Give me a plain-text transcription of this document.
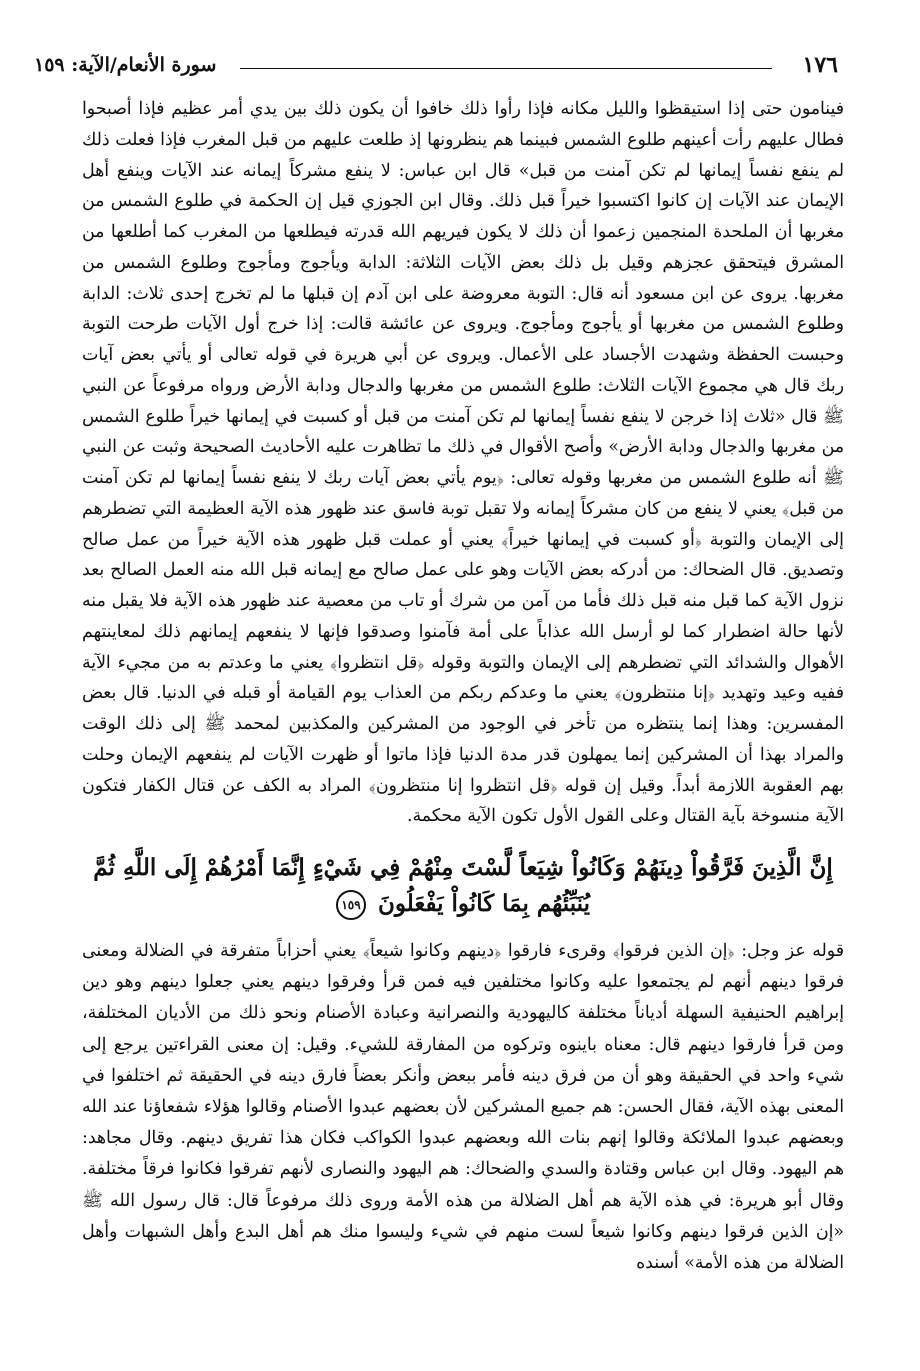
١٧٦
سورة الأنعام/الآية: ١٥٩

فينامون حتى إذا استيقظوا والليل مكانه فإذا رأوا ذلك خافوا أن يكون ذلك بين يدي أمر عظيم فإذا أصبحوا فطال عليهم رأت أعينهم طلوع الشمس فبينما هم ينظرونها إذ طلعت عليهم من قبل المغرب فإذا فعلت ذلك لم ينفع نفساً إيمانها لم تكن آمنت من قبل» قال ابن عباس: لا ينفع مشركاً إيمانه عند الآيات وينفع أهل الإيمان عند الآيات إن كانوا اكتسبوا خيراً قبل ذلك. وقال ابن الجوزي قيل إن الحكمة في طلوع الشمس من مغربها أن الملحدة المنجمين زعموا أن ذلك لا يكون فيريهم الله قدرته فيطلعها من المغرب كما أطلعها من المشرق فيتحقق عجزهم وقيل بل ذلك بعض الآيات الثلاثة: الدابة ويأجوج ومأجوج وطلوع الشمس من مغربها. يروى عن ابن مسعود أنه قال: التوبة معروضة على ابن آدم إن قبلها ما لم تخرج إحدى ثلاث: الدابة وطلوع الشمس من مغربها أو يأجوج ومأجوج. ويروى عن عائشة قالت: إذا خرج أول الآيات طرحت التوبة وحبست الحفظة وشهدت الأجساد على الأعمال. ويروى عن أبي هريرة في قوله تعالى أو يأتي بعض آيات ربك قال هي مجموع الآيات الثلاث: طلوع الشمس من مغربها والدجال ودابة الأرض ورواه مرفوعاً عن النبي ﷺ قال «ثلاث إذا خرجن لا ينفع نفساً إيمانها لم تكن آمنت من قبل أو كسبت في إيمانها خيراً طلوع الشمس من مغربها والدجال ودابة الأرض» وأصح الأقوال في ذلك ما تظاهرت عليه الأحاديث الصحيحة وثبت عن النبي ﷺ أنه طلوع الشمس من مغربها وقوله تعالى: ﴿يوم يأتي بعض آيات ربك لا ينفع نفساً إيمانها لم تكن آمنت من قبل﴾ يعني لا ينفع من كان مشركاً إيمانه ولا تقبل توبة فاسق عند ظهور هذه الآية العظيمة التي تضطرهم إلى الإيمان والتوبة ﴿أو كسبت في إيمانها خيراً﴾ يعني أو عملت قبل ظهور هذه الآية خيراً من عمل صالح وتصديق. قال الضحاك: من أدركه بعض الآيات وهو على عمل صالح مع إيمانه قبل الله منه العمل الصالح بعد نزول الآية كما قبل منه قبل ذلك فأما من آمن من شرك أو تاب من معصية عند ظهور هذه الآية فلا يقبل منه لأنها حالة اضطرار كما لو أرسل الله عذاباً على أمة فآمنوا وصدقوا فإنها لا ينفعهم إيمانهم ذلك لمعاينتهم الأهوال والشدائد التي تضطرهم إلى الإيمان والتوبة وقوله ﴿قل انتظروا﴾ يعني ما وعدتم به من مجيء الآية ففيه وعيد وتهديد ﴿إنا منتظرون﴾ يعني ما وعدكم ربكم من العذاب يوم القيامة أو قبله في الدنيا. قال بعض المفسرين: وهذا إنما ينتظره من تأخر في الوجود من المشركين والمكذبين لمحمد ﷺ إلى ذلك الوقت والمراد بهذا أن المشركين إنما يمهلون قدر مدة الدنيا فإذا ماتوا أو ظهرت الآيات لم ينفعهم الإيمان وحلت بهم العقوبة اللازمة أبداً. وقيل إن قوله ﴿قل انتظروا إنا منتظرون﴾ المراد به الكف عن قتال الكفار فتكون الآية منسوخة بآية القتال وعلى القول الأول تكون الآية محكمة.

إِنَّ الَّذِينَ فَرَّقُواْ دِينَهُمْ وَكَانُواْ شِيَعاً لَّسْتَ مِنْهُمْ فِي شَيْءٍ إِنَّمَا أَمْرُهُمْ إِلَى اللَّهِ ثُمَّ يُنَبِّئُهُم بِمَا كَانُواْ يَفْعَلُونَ ١٥٩

قوله عز وجل: ﴿إن الذين فرقوا﴾ وقرىء فارقوا ﴿دينهم وكانوا شيعاً﴾ يعني أحزاباً متفرقة في الضلالة ومعنى فرقوا دينهم أنهم لم يجتمعوا عليه وكانوا مختلفين فيه فمن قرأ وفرقوا دينهم يعني جعلوا دينهم وهو دين إبراهيم الحنيفية السهلة أدياناً مختلفة كاليهودية والنصرانية وعبادة الأصنام ونحو ذلك من الأديان المختلفة، ومن قرأ فارقوا دينهم قال: معناه باينوه وتركوه من المفارقة للشيء. وقيل: إن معنى القراءتين يرجع إلى شيء واحد في الحقيقة وهو أن من فرق دينه فأمر ببعض وأنكر بعضاً فارق دينه في الحقيقة ثم اختلفوا في المعنى بهذه الآية، فقال الحسن: هم جميع المشركين لأن بعضهم عبدوا الأصنام وقالوا هؤلاء شفعاؤنا عند الله وبعضهم عبدوا الملائكة وقالوا إنهم بنات الله وبعضهم عبدوا الكواكب فكان هذا تفريق دينهم. وقال مجاهد: هم اليهود. وقال ابن عباس وقتادة والسدي والضحاك: هم اليهود والنصارى لأنهم تفرقوا فكانوا فرقاً مختلفة. وقال أبو هريرة: في هذه الآية هم أهل الضلالة من هذه الأمة وروى ذلك مرفوعاً قال: قال رسول الله ﷺ «إن الذين فرقوا دينهم وكانوا شيعاً لست منهم في شيء وليسوا منك هم أهل البدع وأهل الشبهات وأهل الضلالة من هذه الأمة» أسنده
